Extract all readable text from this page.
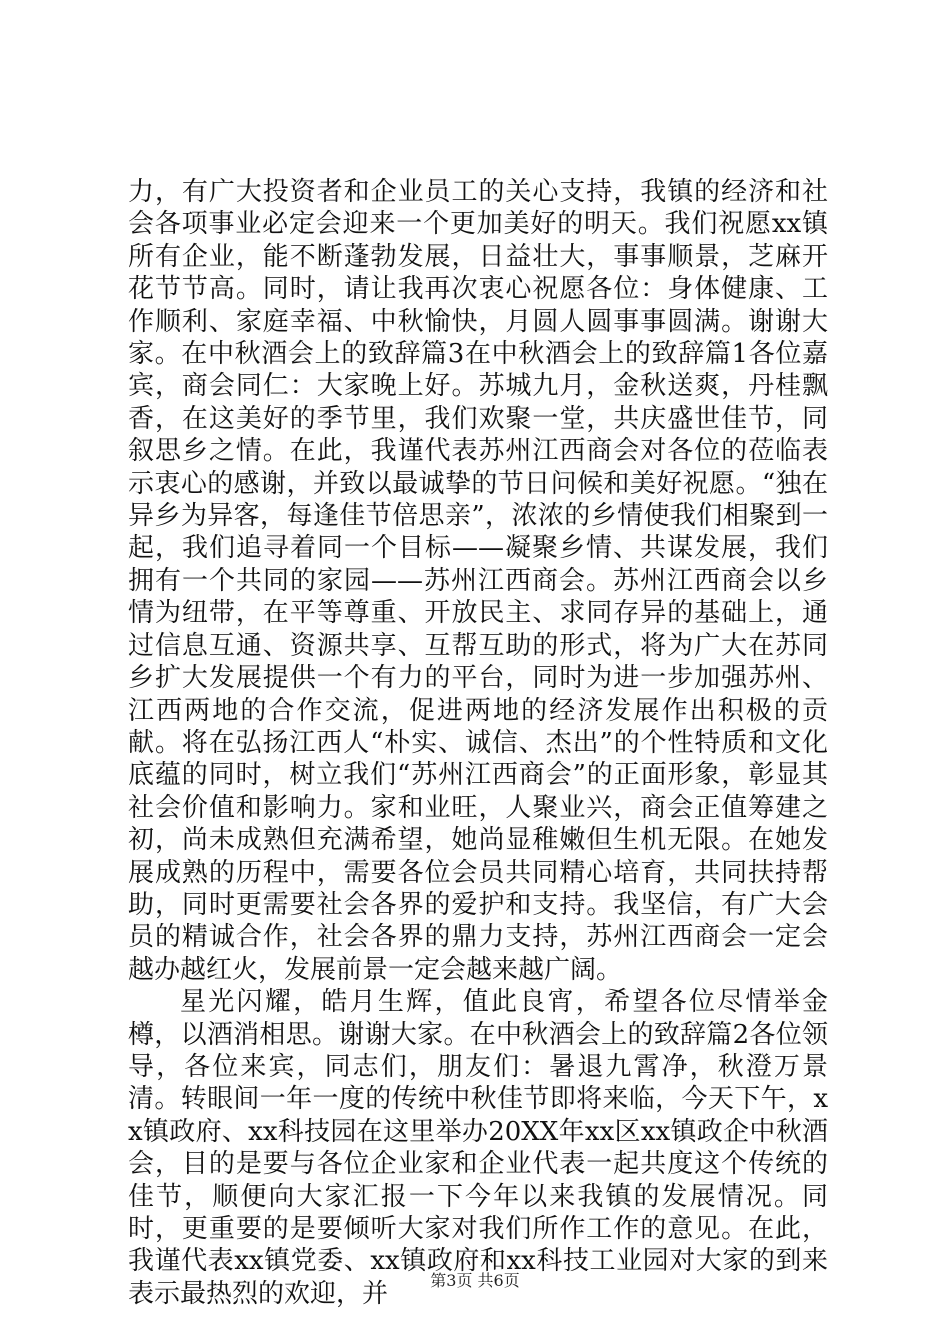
力，有广大投资者和企业员工的关心支持，我镇的经济和社会各项事业必定会迎来一个更加美好的明天。我们祝愿xx镇所有企业，能不断蓬勃发展，日益壮大，事事顺景，芝麻开花节节高。同时，请让我再次衷心祝愿各位：身体健康、工作顺利、家庭幸福、中秋愉快，月圆人圆事事圆满。谢谢大家。在中秋酒会上的致辞篇3在中秋酒会上的致辞篇1各位嘉宾，商会同仁：大家晚上好。苏城九月，金秋送爽，丹桂飘香，在这美好的季节里，我们欢聚一堂，共庆盛世佳节，同叙思乡之情。在此，我谨代表苏州江西商会对各位的莅临表示衷心的感谢，并致以最诚挚的节日问候和美好祝愿。“独在异乡为异客，每逢佳节倍思亲”，浓浓的乡情使我们相聚到一起，我们追寻着同一个目标——凝聚乡情、共谋发展，我们拥有一个共同的家园——苏州江西商会。苏州江西商会以乡情为纽带，在平等尊重、开放民主、求同存异的基础上，通过信息互通、资源共享、互帮互助的形式，将为广大在苏同乡扩大发展提供一个有力的平台，同时为进一步加强苏州、江西两地的合作交流，促进两地的经济发展作出积极的贡献。将在弘扬江西人“朴实、诚信、杰出”的个性特质和文化底蕴的同时，树立我们“苏州江西商会”的正面形象，彰显其社会价值和影响力。家和业旺，人聚业兴，商会正值筹建之初，尚未成熟但充满希望，她尚显稚嫩但生机无限。在她发展成熟的历程中，需要各位会员共同精心培育，共同扶持帮助，同时更需要社会各界的爱护和支持。我坚信，有广大会员的精诚合作，社会各界的鼎力支持，苏州江西商会一定会越办越红火，发展前景一定会越来越广阔。

星光闪耀，皓月生辉，值此良宵，希望各位尽情举金樽，以酒消相思。谢谢大家。在中秋酒会上的致辞篇2各位领导，各位来宾，同志们，朋友们：暑退九霄净，秋澄万景清。转眼间一年一度的传统中秋佳节即将来临，今天下午，xx镇政府、xx科技园在这里举办20XX年xx区xx镇政企中秋酒会，目的是要与各位企业家和企业代表一起共度这个传统的佳节，顺便向大家汇报一下今年以来我镇的发展情况。同时，更重要的是要倾听大家对我们所作工作的意见。在此，我谨代表xx镇党委、xx镇政府和xx科技工业园对大家的到来表示最热烈的欢迎，并	第3页 共6页
